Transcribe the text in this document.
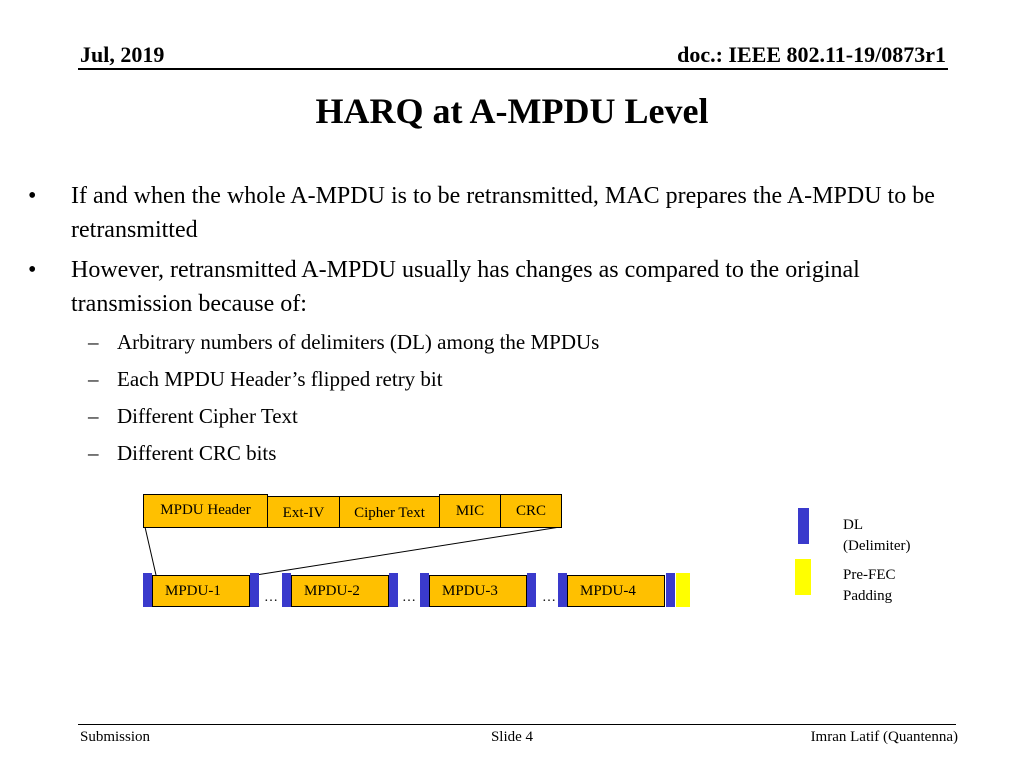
Jul, 2019	doc.: IEEE 802.11-19/0873r1
HARQ at A-MPDU Level
•	If and when the whole A-MPDU is to be retransmitted, MAC prepares the A-MPDU to be retransmitted
•	However, retransmitted A-MPDU usually has changes as compared to the original transmission because of:
– Arbitrary numbers of delimiters (DL) among the MPDUs
– Each MPDU Header’s flipped retry bit
– Different Cipher Text
– Different CRC bits
MPDU Header	Ext-IV	Cipher Text	MIC	CRC
MPDU-1	…	MPDU-2	…	MPDU-3	…	MPDU-4
DL
(Delimiter)
Pre-FEC
Padding
Submission	Slide 4	Imran Latif (Quantenna)
